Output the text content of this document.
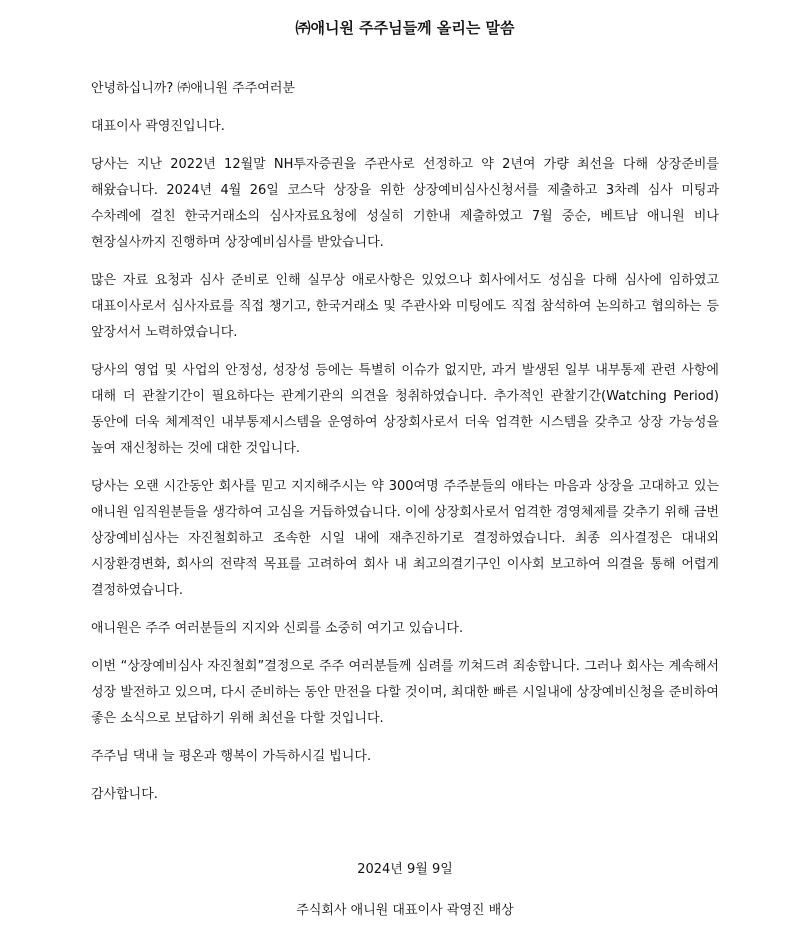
㈜애니원 주주님들께 올리는 말씀

안녕하십니까? ㈜애니원 주주여러분

대표이사 곽영진입니다.

당사는 지난 2022년 12월말 NH투자증권을 주관사로 선정하고 약 2년여 가량 최선을 다해 상장준비를 해왔습니다. 2024년 4월 26일 코스닥 상장을 위한 상장예비심사신청서를 제출하고 3차례 심사 미팅과 수차례에 걸친 한국거래소의 심사자료요청에 성실히 기한내 제출하였고 7월 중순, 베트남 애니원 비나 현장실사까지 진행하며 상장예비심사를 받았습니다.

많은 자료 요청과 심사 준비로 인해 실무상 애로사항은 있었으나 회사에서도 성심을 다해 심사에 임하였고 대표이사로서 심사자료를 직접 챙기고, 한국거래소 및 주관사와 미팅에도 직접 참석하여 논의하고 협의하는 등 앞장서서 노력하였습니다.

당사의 영업 및 사업의 안정성, 성장성 등에는 특별히 이슈가 없지만, 과거 발생된 일부 내부통제 관련 사항에 대해 더 관찰기간이 필요하다는 관계기관의 의견을 청취하였습니다. 추가적인 관찰기간(Watching Period)동안에 더욱 체계적인 내부통제시스템을 운영하여 상장회사로서 더욱 엄격한 시스템을 갖추고 상장 가능성을 높여 재신청하는 것에 대한 것입니다.

당사는 오랜 시간동안 회사를 믿고 지지해주시는 약 300여명 주주분들의 애타는 마음과 상장을 고대하고 있는 애니원 임직원분들을 생각하여 고심을 거듭하였습니다. 이에 상장회사로서 엄격한 경영체제를 갖추기 위해 금번 상장예비심사는 자진철회하고 조속한 시일 내에 재추진하기로 결정하였습니다. 최종 의사결정은 대내외 시장환경변화, 회사의 전략적 목표를 고려하여 회사 내 최고의결기구인 이사회 보고하여 의결을 통해 어렵게 결정하였습니다.

애니원은 주주 여러분들의 지지와 신뢰를 소중히 여기고 있습니다.

이번 “상장예비심사 자진철회”결정으로 주주 여러분들께 심려를 끼쳐드려 죄송합니다. 그러나 회사는 계속해서 성장 발전하고 있으며, 다시 준비하는 동안 만전을 다할 것이며, 최대한 빠른 시일내에 상장예비신청을 준비하여 좋은 소식으로 보답하기 위해 최선을 다할 것입니다.

주주님 댁내 늘 평온과 행복이 가득하시길 빕니다.

감사합니다.

2024년 9월 9일
주식회사 애니원 대표이사 곽영진 배상
